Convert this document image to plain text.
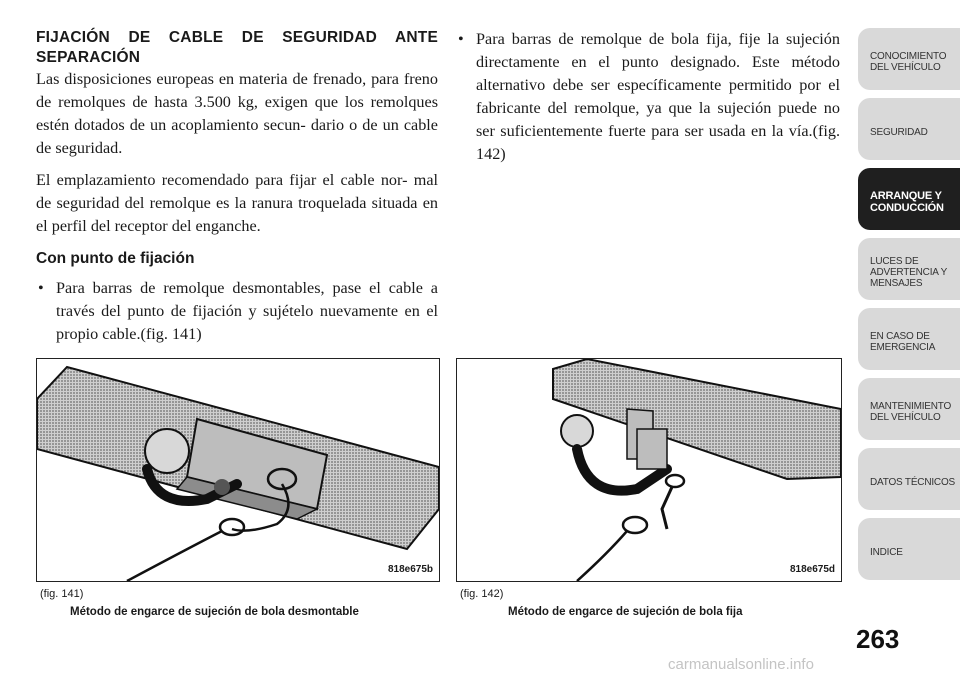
FIJACIÓN DE CABLE DE SEGURIDAD ANTE SEPARACIÓN

Las disposiciones europeas en materia de frenado, para freno de remolques de hasta 3.500 kg, exigen que los remolques estén dotados de un acoplamiento secun- dario o de un cable de seguridad.

El emplazamiento recomendado para fijar el cable nor- mal de seguridad del remolque es la ranura troquelada situada en el perfil del receptor del enganche.

Con punto de fijación
• Para barras de remolque desmontables, pase el cable a través del punto de fijación y sujételo nuevamente en el propio cable.(fig. 141)
• Para barras de remolque de bola fija, fije la sujeción directamente en el punto designado. Este método alternativo debe ser específicamente permitido por el fabricante del remolque, ya que la sujeción puede no ser suficientemente fuerte para ser usada en la vía.(fig. 142)
818e675b	818e675d
(fig. 141)
Método de engarce de sujeción de bola desmontable
(fig. 142)
Método de engarce de sujeción de bola fija
CONOCIMIENTO DEL VEHÍCULO
SEGURIDAD
ARRANQUE Y CONDUCCIÓN
LUCES DE ADVERTENCIA Y MENSAJES
EN CASO DE EMERGENCIA
MANTENIMIENTO DEL VEHÍCULO
DATOS TÉCNICOS
INDICE
263
carmanualsonline.info
